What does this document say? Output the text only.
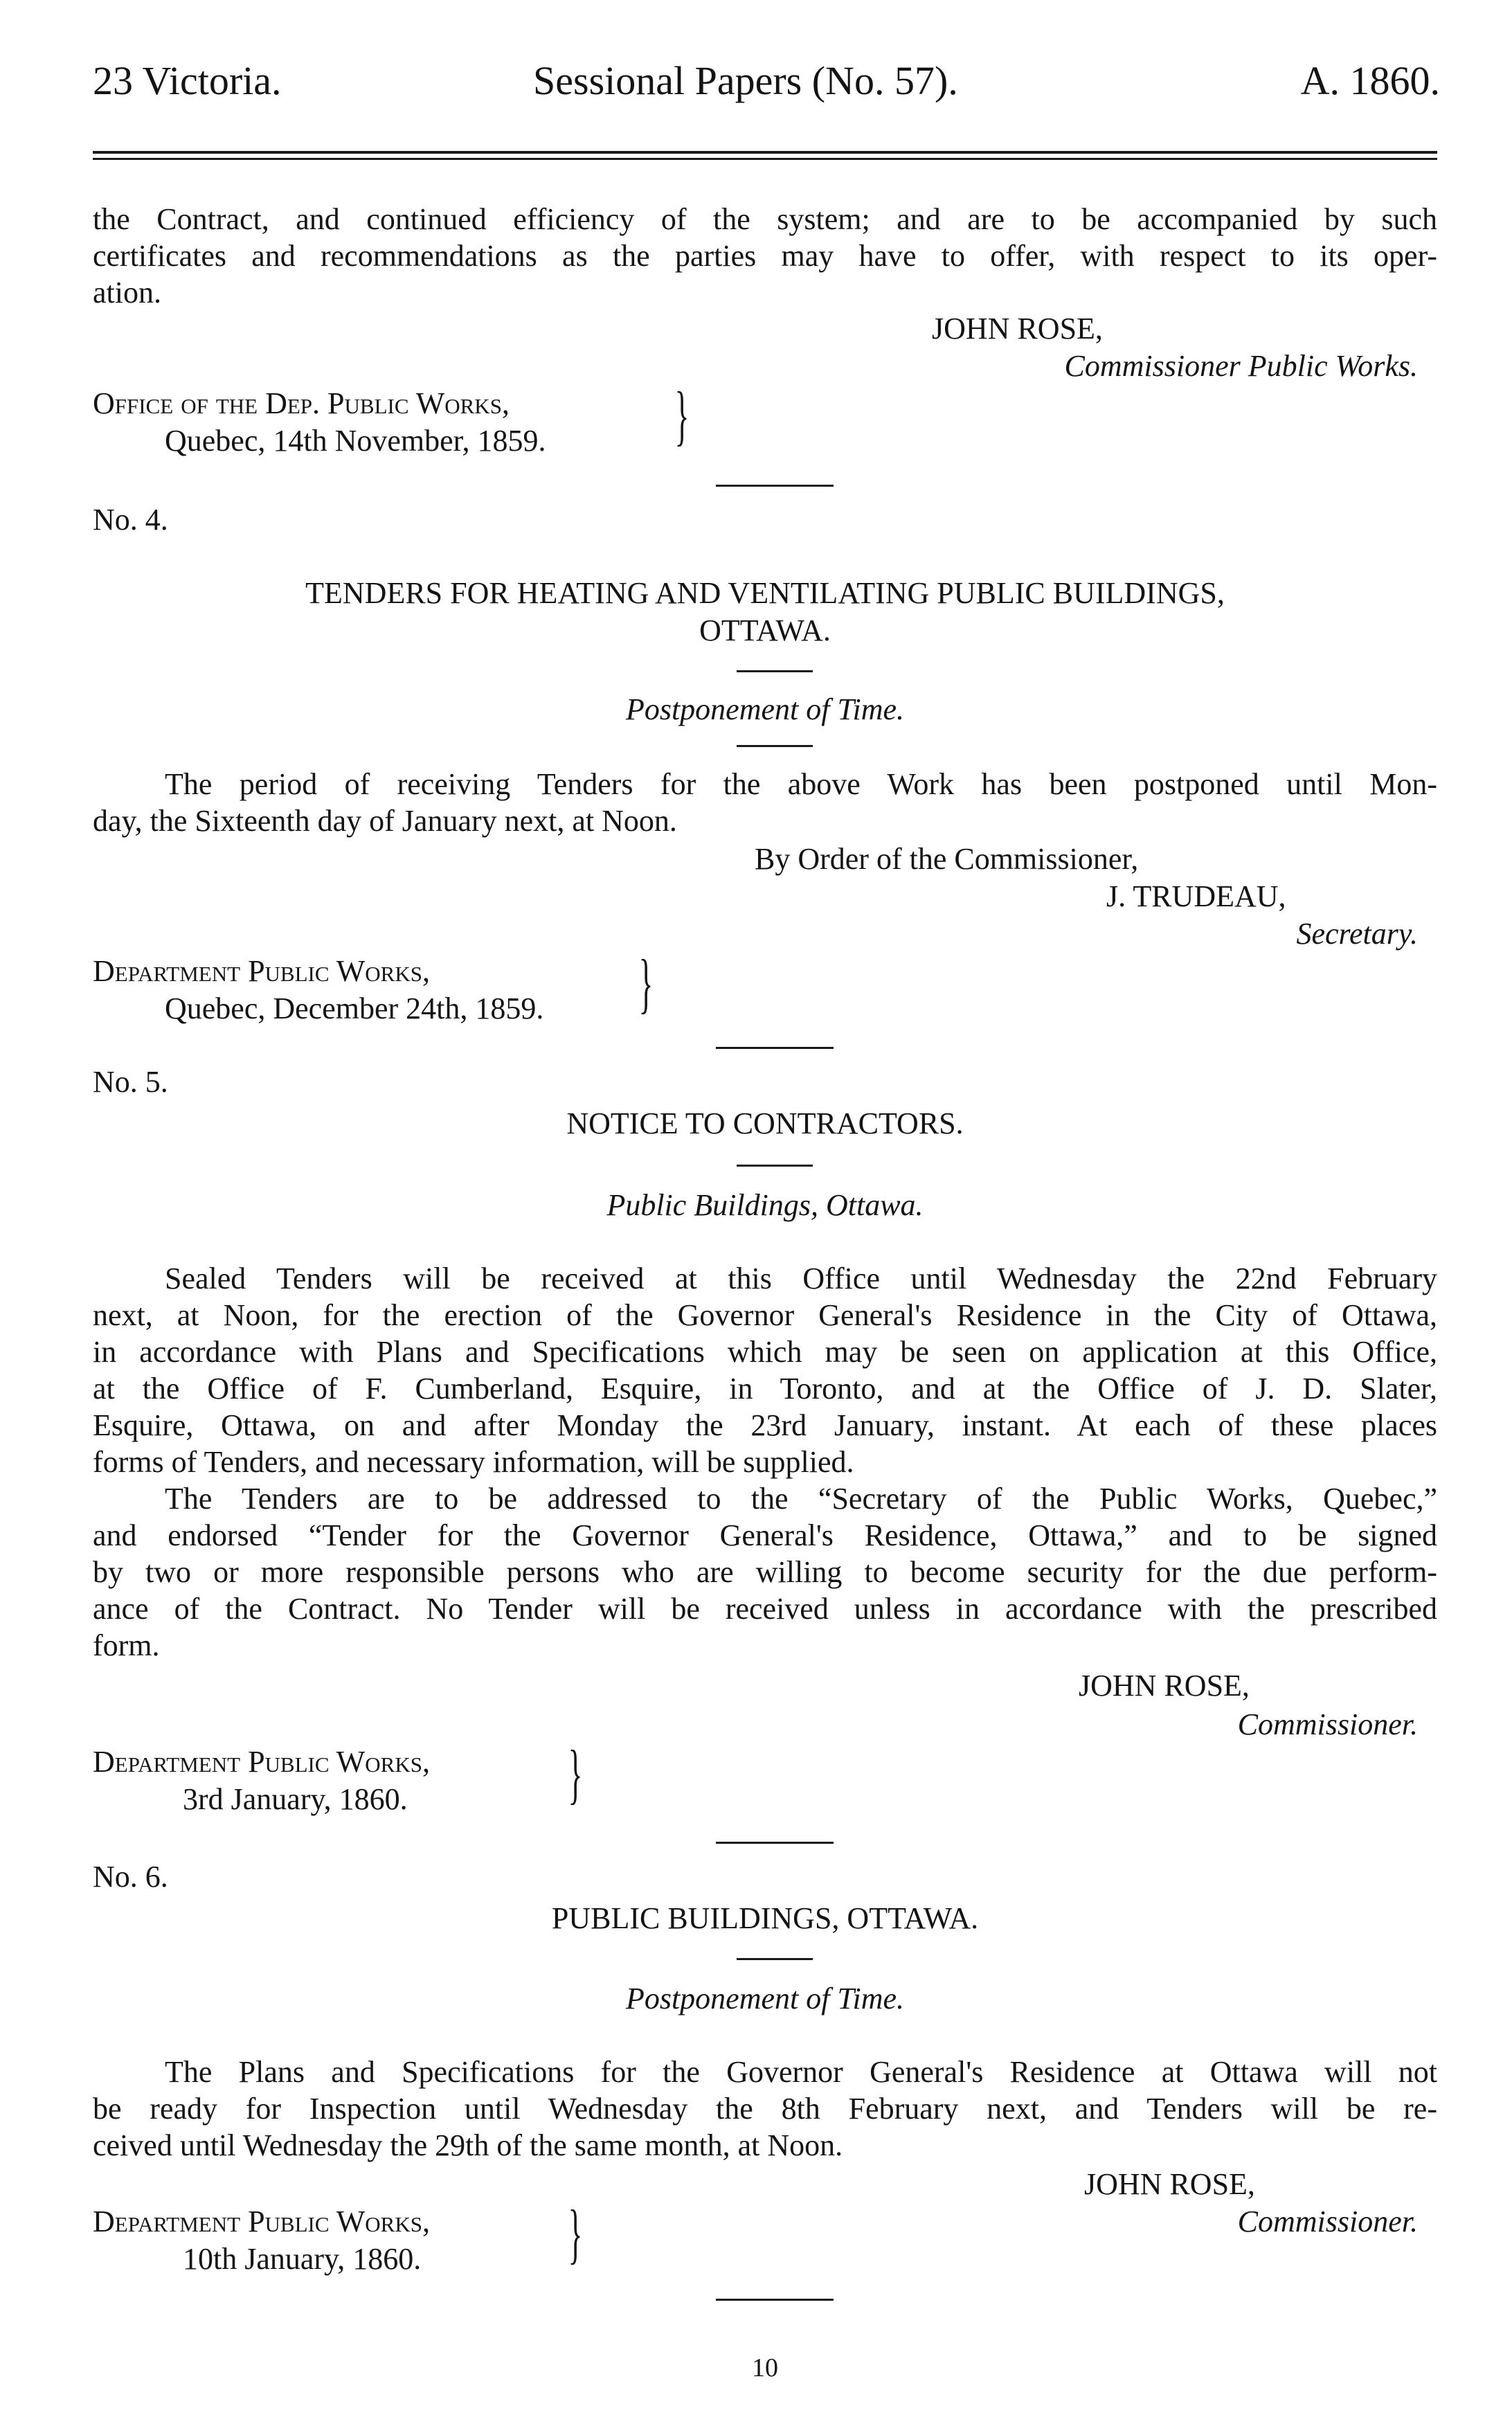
23 Victoria.	Sessional Papers (No. 57).	A. 1860.
the Contract, and continued efficiency of the system; and are to be accompanied by such
certificates and recommendations as the parties may have to offer, with respect to its oper-
ation.
JOHN ROSE,
Commissioner Public Works.
Office of the Dep. Public Works,
Quebec, 14th November, 1859. }
No. 4.
TENDERS FOR HEATING AND VENTILATING PUBLIC BUILDINGS,
OTTAWA.
Postponement of Time.
The period of receiving Tenders for the above Work has been postponed until Mon-
day, the Sixteenth day of January next, at Noon.
By Order of the Commissioner,
J. TRUDEAU,
Secretary.
Department Public Works,
Quebec, December 24th, 1859. }
No. 5.
NOTICE TO CONTRACTORS.
Public Buildings, Ottawa.
Sealed Tenders will be received at this Office until Wednesday the 22nd February
next, at Noon, for the erection of the Governor General's Residence in the City of Ottawa,
in accordance with Plans and Specifications which may be seen on application at this Office,
at the Office of F. Cumberland, Esquire, in Toronto, and at the Office of J. D. Slater,
Esquire, Ottawa, on and after Monday the 23rd January, instant. At each of these places
forms of Tenders, and necessary information, will be supplied.
The Tenders are to be addressed to the “Secretary of the Public Works, Quebec,”
and endorsed “Tender for the Governor General's Residence, Ottawa,” and to be signed
by two or more responsible persons who are willing to become security for the due perform-
ance of the Contract. No Tender will be received unless in accordance with the prescribed
form.
JOHN ROSE,
Commissioner.
Department Public Works,
3rd January, 1860. }
No. 6.
PUBLIC BUILDINGS, OTTAWA.
Postponement of Time.
The Plans and Specifications for the Governor General's Residence at Ottawa will not
be ready for Inspection until Wednesday the 8th February next, and Tenders will be re-
ceived until Wednesday the 29th of the same month, at Noon.
JOHN ROSE,
Commissioner.
Department Public Works,
10th January, 1860. }
10
